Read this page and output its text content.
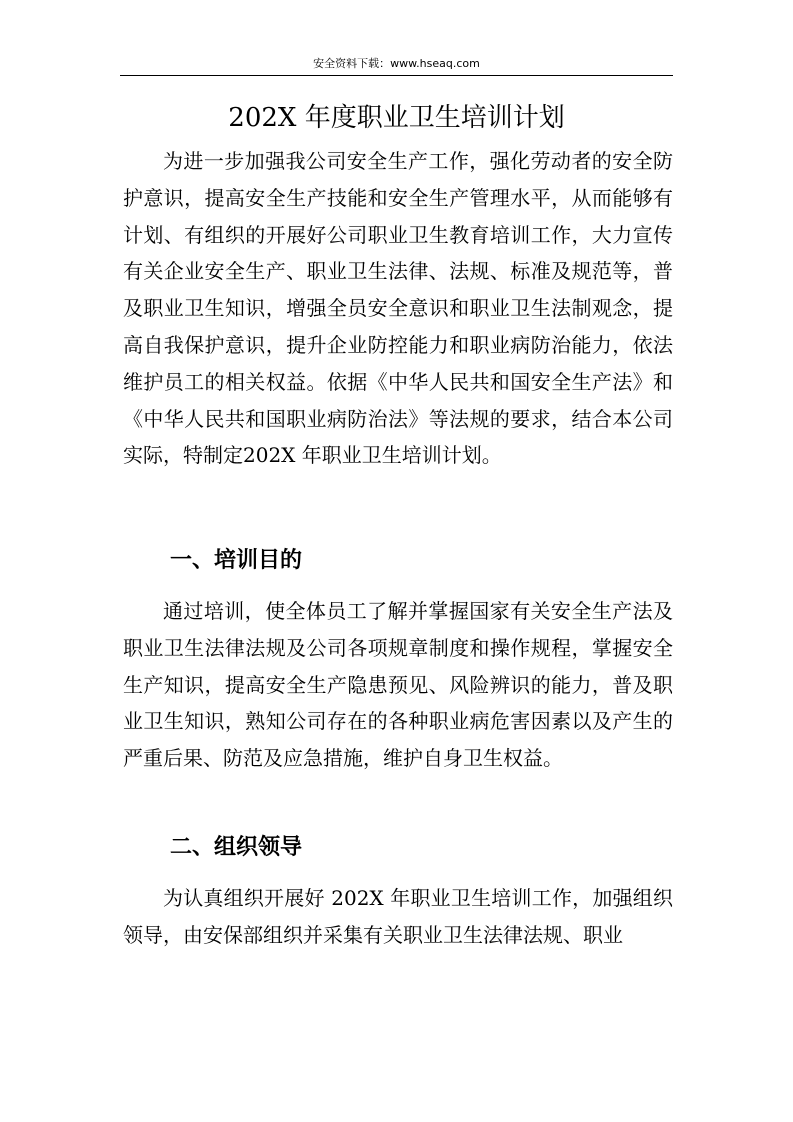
安全资料下载：www.hseaq.com
202X 年度职业卫生培训计划

为进一步加强我公司安全生产工作，强化劳动者的安全防护意识，提高安全生产技能和安全生产管理水平，从而能够有计划、有组织的开展好公司职业卫生教育培训工作，大力宣传有关企业安全生产、职业卫生法律、法规、标准及规范等，普及职业卫生知识，增强全员安全意识和职业卫生法制观念，提高自我保护意识，提升企业防控能力和职业病防治能力，依法维护员工的相关权益。依据《中华人民共和国安全生产法》和《中华人民共和国职业病防治法》等法规的要求，结合本公司实际，特制定202X 年职业卫生培训计划。

一、培训目的

通过培训，使全体员工了解并掌握国家有关安全生产法及职业卫生法律法规及公司各项规章制度和操作规程，掌握安全生产知识，提高安全生产隐患预见、风险辨识的能力，普及职业卫生知识，熟知公司存在的各种职业病危害因素以及产生的严重后果、防范及应急措施，维护自身卫生权益。

二、组织领导

为认真组织开展好 202X 年职业卫生培训工作，加强组织领导，由安保部组织并采集有关职业卫生法律法规、职业
